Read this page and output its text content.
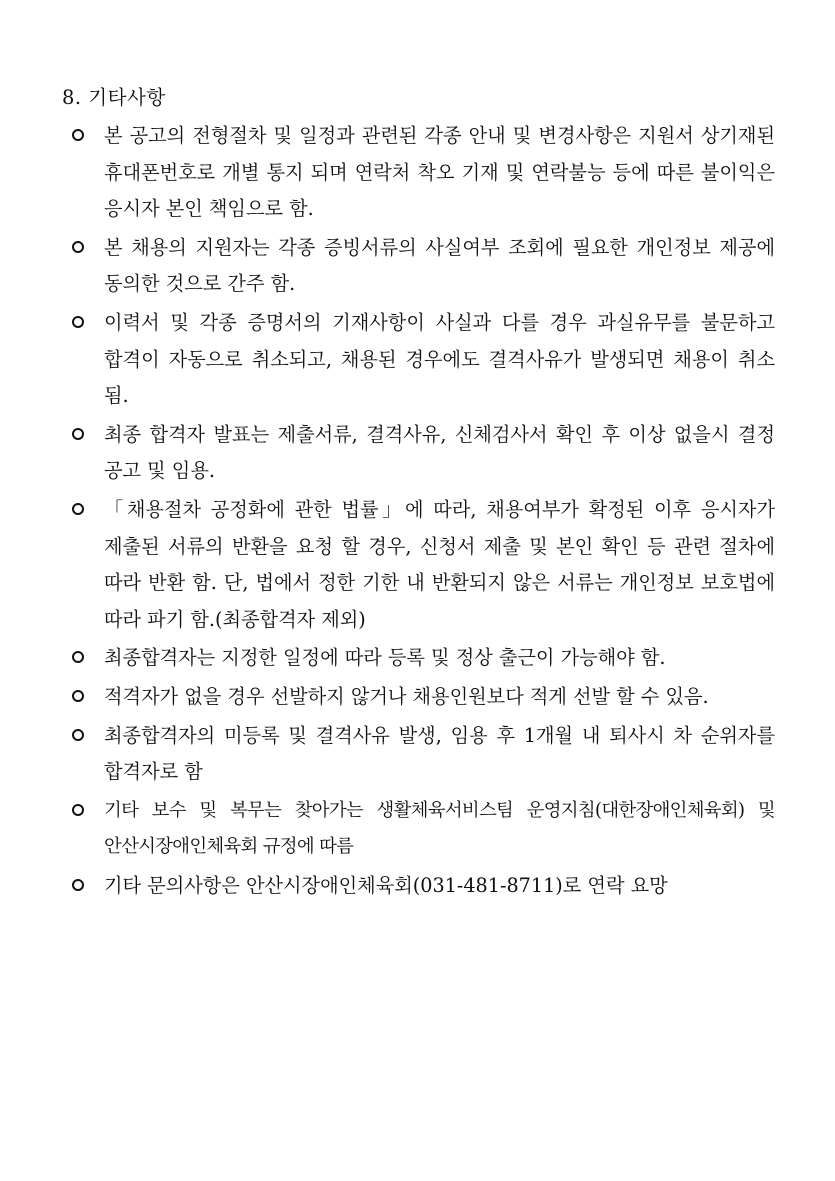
8. 기타사항
본 공고의 전형절차 및 일정과 관련된 각종 안내 및 변경사항은 지원서 상기재된 휴대폰번호로 개별 통지 되며 연락처 착오 기재 및 연락불능 등에 따른 불이익은 응시자 본인 책임으로 함.
본 채용의 지원자는 각종 증빙서류의 사실여부 조회에 필요한 개인정보 제공에 동의한 것으로 간주 함.
이력서 및 각종 증명서의 기재사항이 사실과 다를 경우 과실유무를 불문하고 합격이 자동으로 취소되고, 채용된 경우에도 결격사유가 발생되면 채용이 취소 됨.
최종 합격자 발표는 제출서류, 결격사유, 신체검사서 확인 후 이상 없을시 결정 공고 및 임용.
「채용절차 공정화에 관한 법률」에 따라, 채용여부가 확정된 이후 응시자가 제출된 서류의 반환을 요청 할 경우, 신청서 제출 및 본인 확인 등 관련 절차에 따라 반환 함. 단, 법에서 정한 기한 내 반환되지 않은 서류는 개인정보 보호법에 따라 파기 함.(최종합격자 제외)
최종합격자는 지정한 일정에 따라 등록 및 정상 출근이 가능해야 함.
적격자가 없을 경우 선발하지 않거나 채용인원보다 적게 선발 할 수 있음.
최종합격자의 미등록 및 결격사유 발생, 임용 후 1개월 내 퇴사시 차 순위자를 합격자로 함
기타 보수 및 복무는 찾아가는 생활체육서비스팀 운영지침(대한장애인체육회) 및 안산시장애인체육회 규정에 따름
기타 문의사항은 안산시장애인체육회(031-481-8711)로 연락 요망
